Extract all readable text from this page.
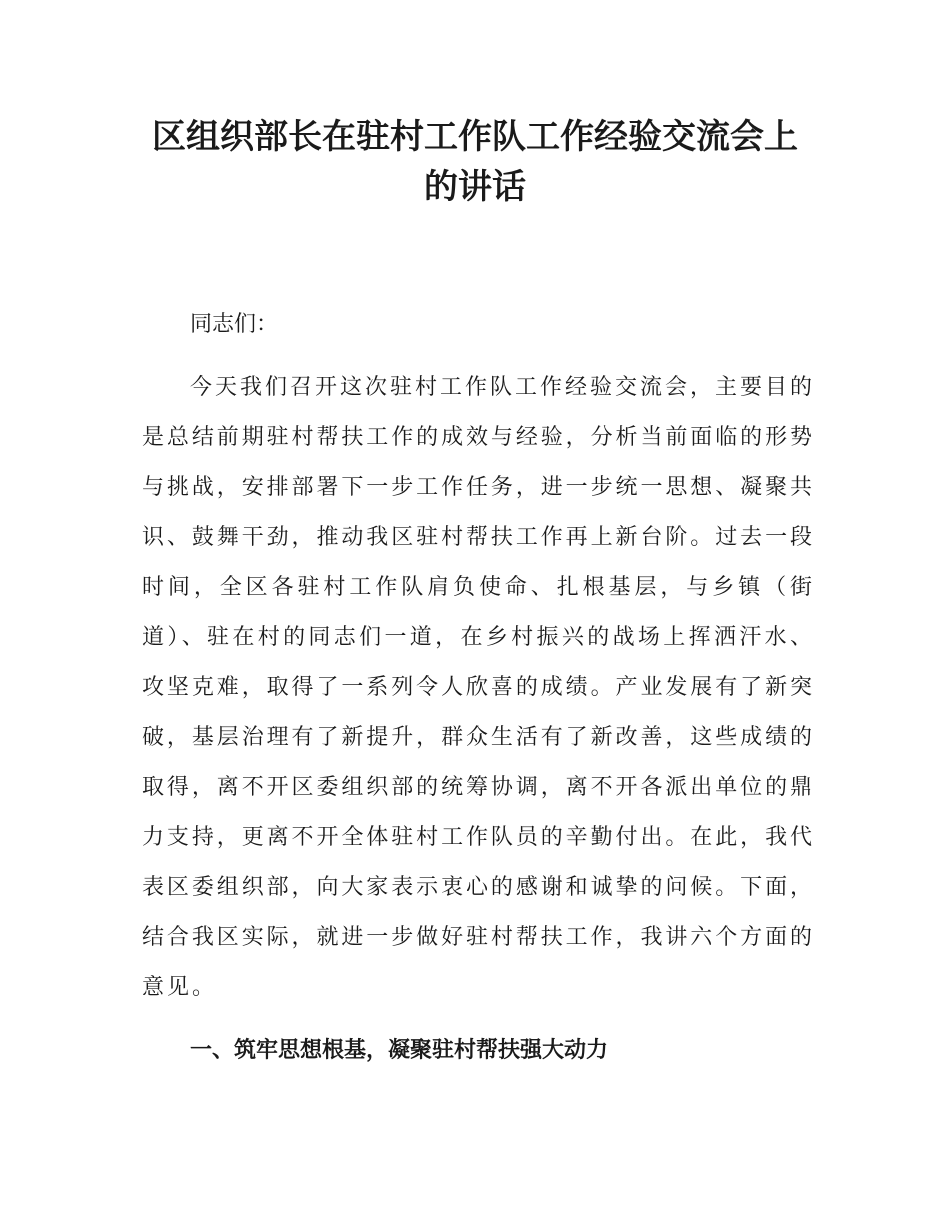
区组织部长在驻村工作队工作经验交流会上
的讲话

同志们：

今天我们召开这次驻村工作队工作经验交流会，主要目的
是总结前期驻村帮扶工作的成效与经验，分析当前面临的形势
与挑战，安排部署下一步工作任务，进一步统一思想、凝聚共
识、鼓舞干劲，推动我区驻村帮扶工作再上新台阶。过去一段
时间，全区各驻村工作队肩负使命、扎根基层，与乡镇（街
道）、驻在村的同志们一道，在乡村振兴的战场上挥洒汗水、
攻坚克难，取得了一系列令人欣喜的成绩。产业发展有了新突
破，基层治理有了新提升，群众生活有了新改善，这些成绩的
取得，离不开区委组织部的统筹协调，离不开各派出单位的鼎
力支持，更离不开全体驻村工作队员的辛勤付出。在此，我代
表区委组织部，向大家表示衷心的感谢和诚挚的问候。下面，
结合我区实际，就进一步做好驻村帮扶工作，我讲六个方面的
意见。
一、筑牢思想根基，凝聚驻村帮扶强大动力
